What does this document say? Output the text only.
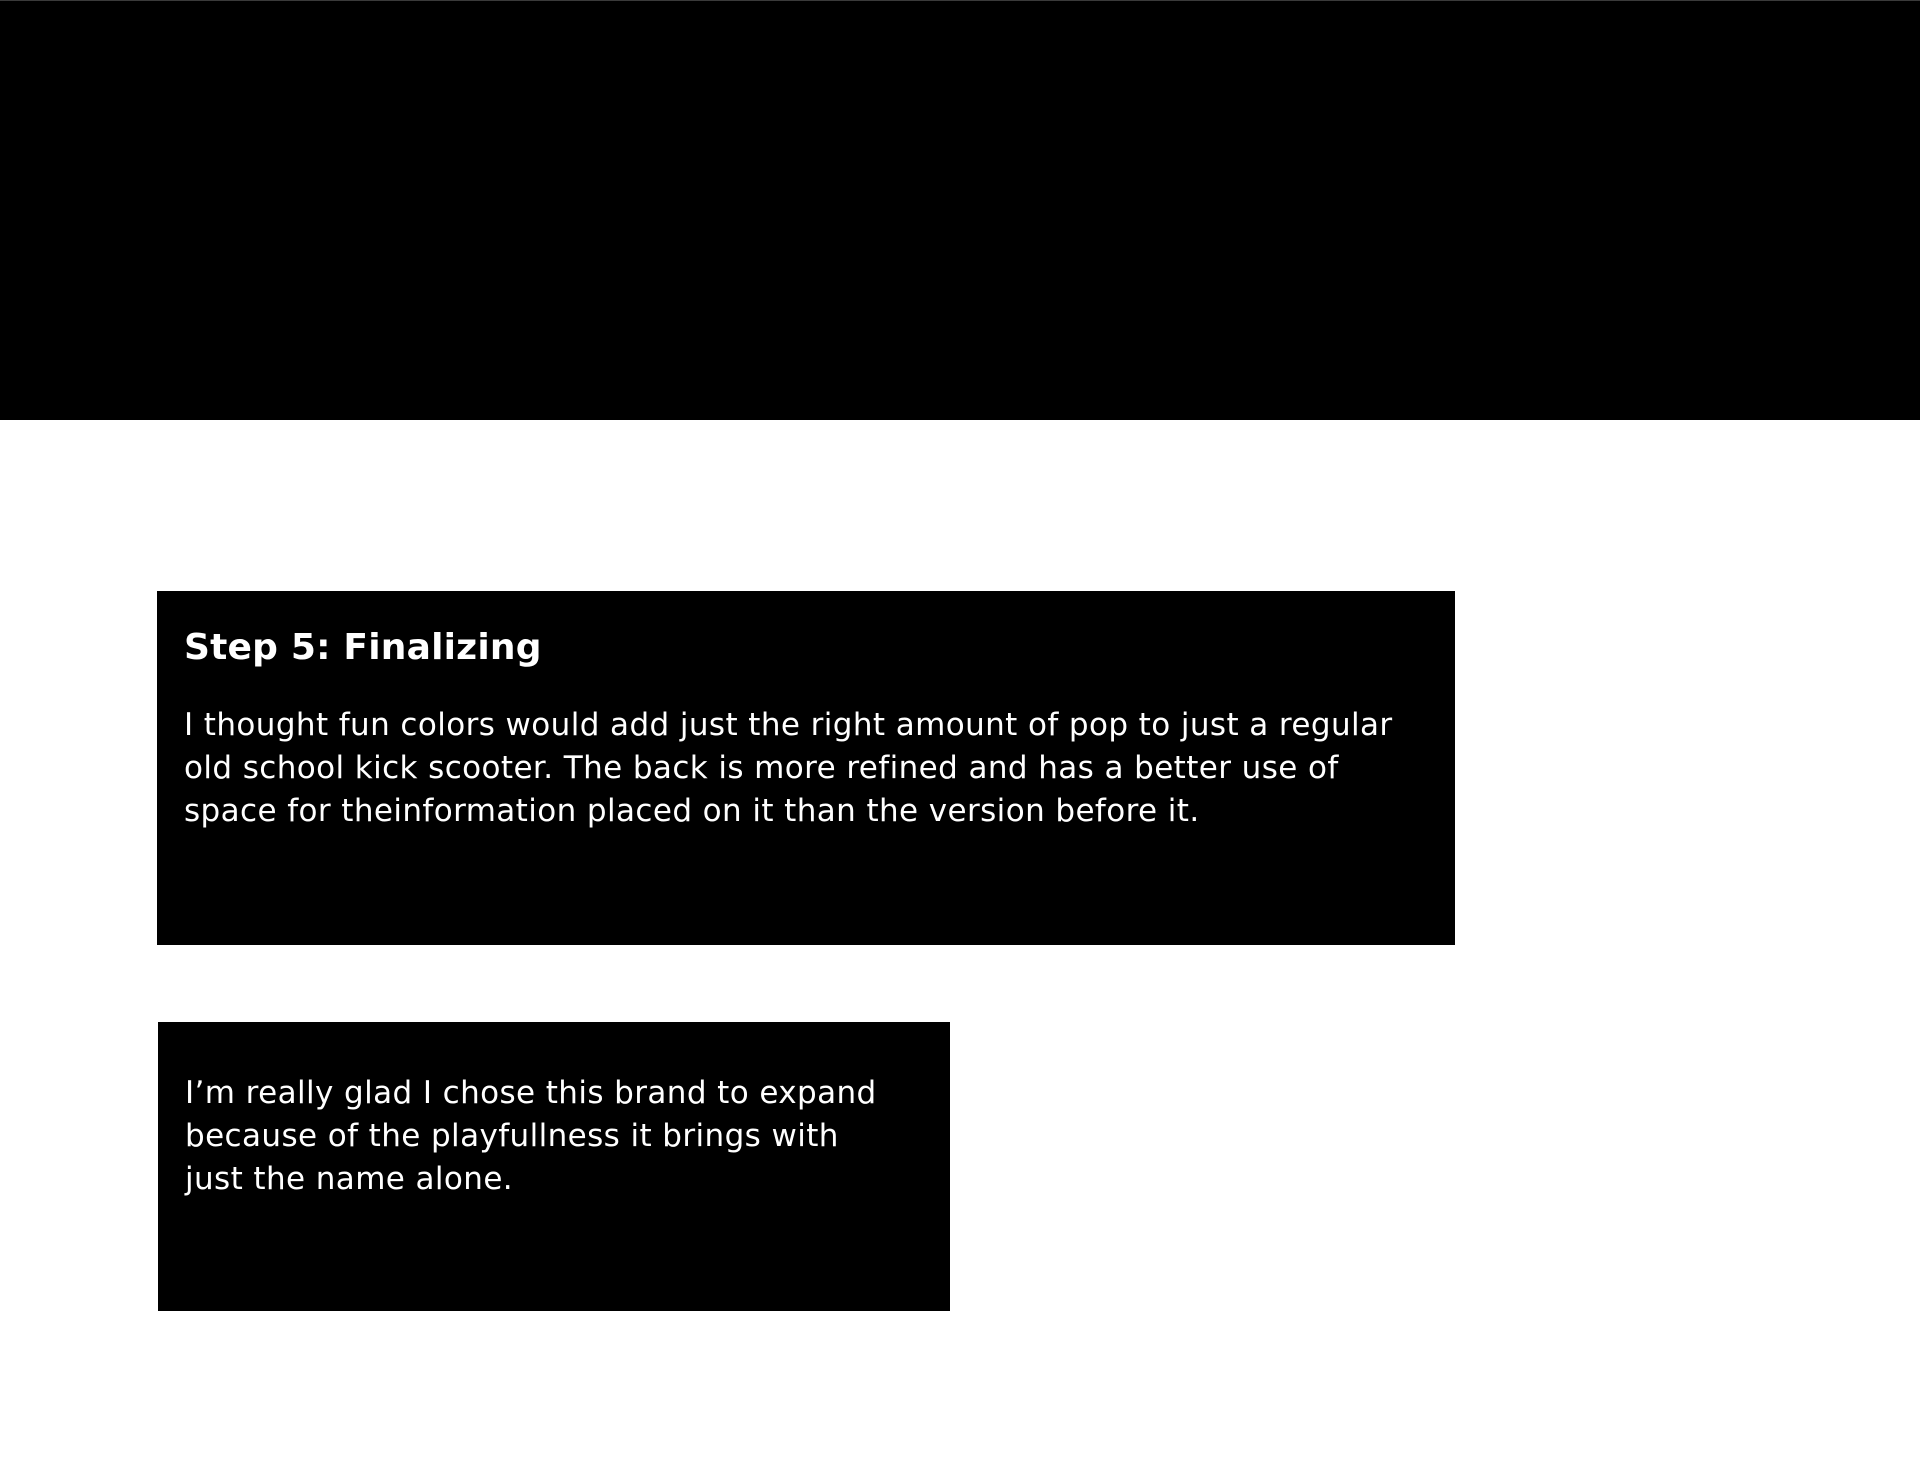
Step 5: Finalizing

I thought fun colors would add just the right amount of pop to just a regular
old school kick scooter. The back is more refined and has a better use of
space for theinformation placed on it than the version before it.

I’m really glad I chose this brand to expand
because of the playfullness it brings with
just the name alone.
